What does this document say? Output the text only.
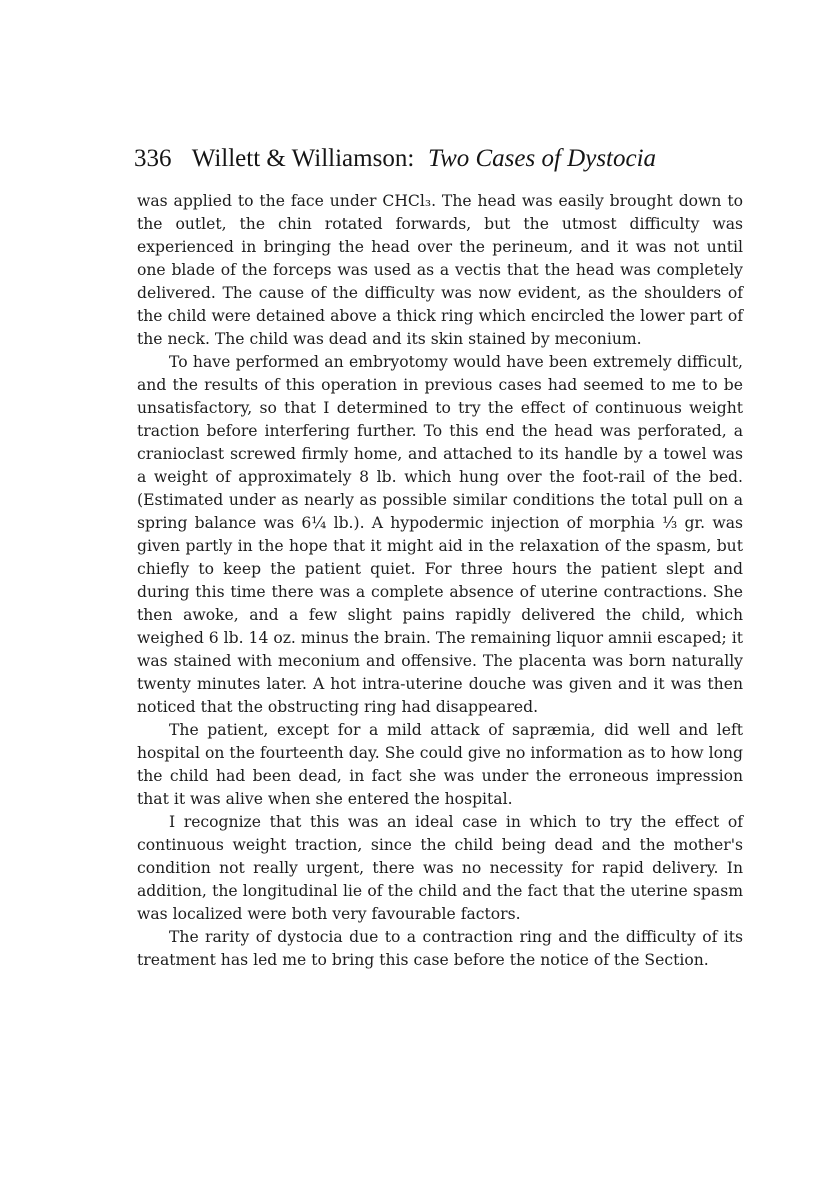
336 Willett & Williamson: Two Cases of Dystocia

was applied to the face under CHCl₃. The head was easily brought down to the outlet, the chin rotated forwards, but the utmost difficulty was experienced in bringing the head over the perineum, and it was not until one blade of the forceps was used as a vectis that the head was completely delivered. The cause of the difficulty was now evident, as the shoulders of the child were detained above a thick ring which encircled the lower part of the neck. The child was dead and its skin stained by meconium.

To have performed an embryotomy would have been extremely difficult, and the results of this operation in previous cases had seemed to me to be unsatisfactory, so that I determined to try the effect of continuous weight traction before interfering further. To this end the head was perforated, a cranioclast screwed firmly home, and attached to its handle by a towel was a weight of approximately 8 lb. which hung over the foot-rail of the bed. (Estimated under as nearly as possible similar conditions the total pull on a spring balance was 6¼ lb.). A hypodermic injection of morphia ⅓ gr. was given partly in the hope that it might aid in the relaxation of the spasm, but chiefly to keep the patient quiet. For three hours the patient slept and during this time there was a complete absence of uterine contractions. She then awoke, and a few slight pains rapidly delivered the child, which weighed 6 lb. 14 oz. minus the brain. The remaining liquor amnii escaped; it was stained with meconium and offensive. The placenta was born naturally twenty minutes later. A hot intra-uterine douche was given and it was then noticed that the obstructing ring had disappeared.

The patient, except for a mild attack of sapræmia, did well and left hospital on the fourteenth day. She could give no information as to how long the child had been dead, in fact she was under the erroneous impression that it was alive when she entered the hospital.

I recognize that this was an ideal case in which to try the effect of continuous weight traction, since the child being dead and the mother's condition not really urgent, there was no necessity for rapid delivery. In addition, the longitudinal lie of the child and the fact that the uterine spasm was localized were both very favourable factors.

The rarity of dystocia due to a contraction ring and the difficulty of its treatment has led me to bring this case before the notice of the Section.
